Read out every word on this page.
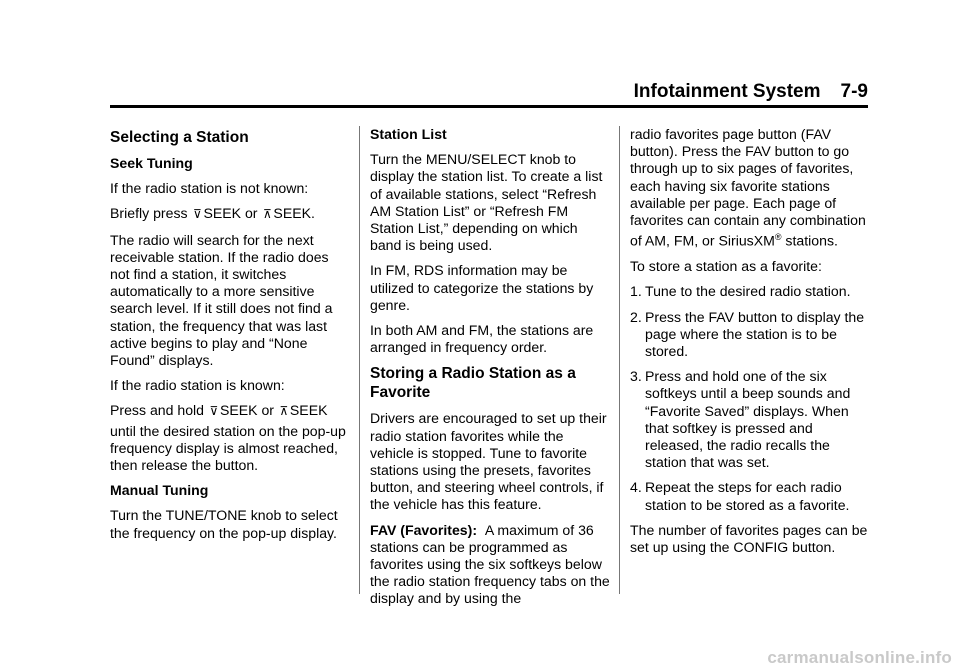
Infotainment System 7-9
Selecting a Station
Seek Tuning

If the radio station is not known:

Briefly press ⊽ SEEK or ⊼ SEEK.

The radio will search for the next receivable station. If the radio does not find a station, it switches automatically to a more sensitive search level. If it still does not find a station, the frequency that was last active begins to play and “None Found” displays.

If the radio station is known:

Press and hold ⊽ SEEK or ⊼ SEEK

until the desired station on the pop-up frequency display is almost reached, then release the button.

Manual Tuning

Turn the TUNE/TONE knob to select the frequency on the pop-up display.

Station List

Turn the MENU/SELECT knob to display the station list. To create a list of available stations, select “Refresh AM Station List” or “Refresh FM Station List,” depending on which band is being used.

In FM, RDS information may be utilized to categorize the stations by genre.

In both AM and FM, the stations are arranged in frequency order.

Storing a Radio Station as a Favorite

Drivers are encouraged to set up their radio station favorites while the vehicle is stopped. Tune to favorite stations using the presets, favorites button, and steering wheel controls, if the vehicle has this feature.

FAV (Favorites): A maximum of 36 stations can be programmed as favorites using the six softkeys below the radio station frequency tabs on the display and by using the

radio favorites page button (FAV button). Press the FAV button to go through up to six pages of favorites, each having six favorite stations available per page. Each page of favorites can contain any combination of AM, FM, or SiriusXM® stations.

To store a station as a favorite:

1. Tune to the desired radio station.
2. Press the FAV button to display the page where the station is to be stored.
3. Press and hold one of the six softkeys until a beep sounds and “Favorite Saved” displays. When that softkey is pressed and released, the radio recalls the station that was set.
4. Repeat the steps for each radio station to be stored as a favorite.

The number of favorites pages can be set up using the CONFIG button.

carmanualsonline.info
